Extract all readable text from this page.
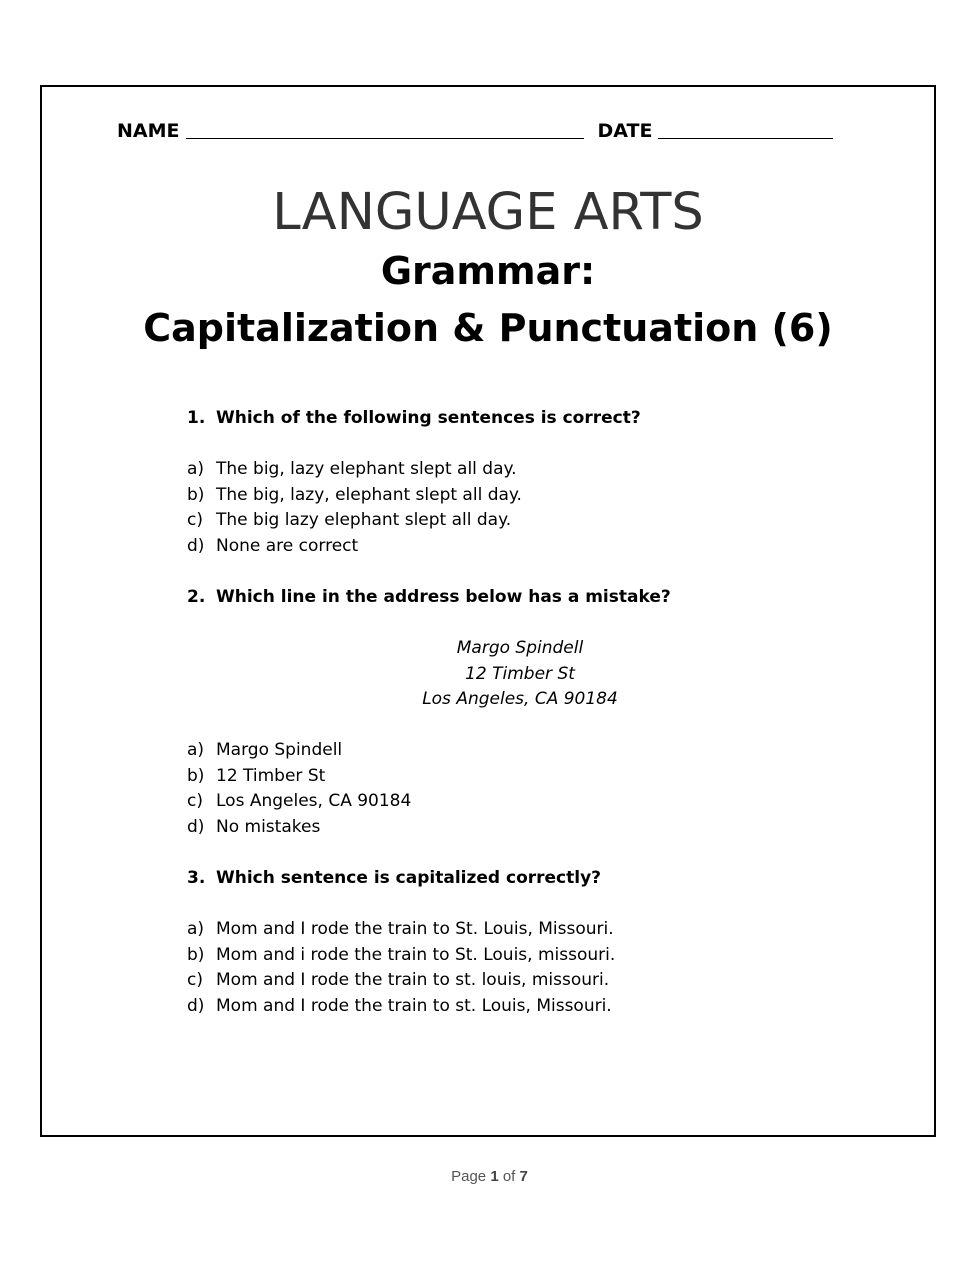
NAME	DATE
LANGUAGE ARTS
Grammar:
Capitalization & Punctuation (6)
1. Which of the following sentences is correct?
a) The big, lazy elephant slept all day.
b) The big, lazy, elephant slept all day.
c) The big lazy elephant slept all day.
d) None are correct
2. Which line in the address below has a mistake?
Margo Spindell
12 Timber St
Los Angeles, CA 90184
a) Margo Spindell
b) 12 Timber St
c) Los Angeles, CA 90184
d) No mistakes
3. Which sentence is capitalized correctly?
a) Mom and I rode the train to St. Louis, Missouri.
b) Mom and i rode the train to St. Louis, missouri.
c) Mom and I rode the train to st. louis, missouri.
d) Mom and I rode the train to st. Louis, Missouri.
Page 1 of 7
